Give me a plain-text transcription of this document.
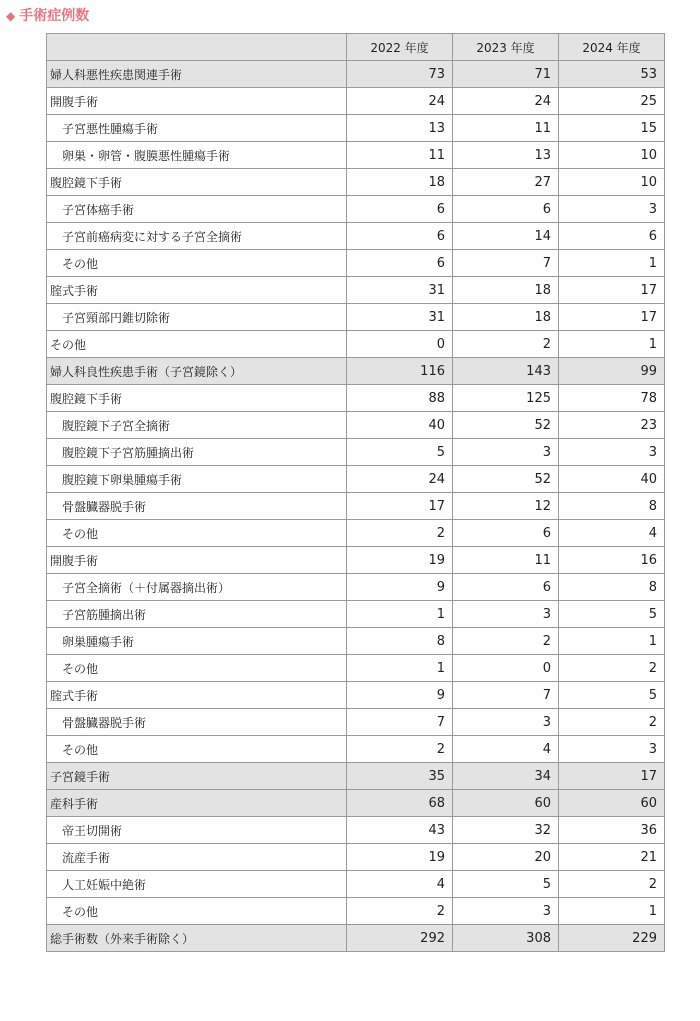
◆ 手術症例数
	2022 年度	2023 年度	2024 年度
婦人科悪性疾患関連手術	73	71	53
開腹手術	24	24	25
子宮悪性腫瘍手術	13	11	15
卵巣・卵管・腹膜悪性腫瘍手術	11	13	10
腹腔鏡下手術	18	27	10
子宮体癌手術	6	6	3
子宮前癌病変に対する子宮全摘術	6	14	6
その他	6	7	1
腟式手術	31	18	17
子宮頸部円錐切除術	31	18	17
その他	0	2	1
婦人科良性疾患手術（子宮鏡除く）	116	143	99
腹腔鏡下手術	88	125	78
腹腔鏡下子宮全摘術	40	52	23
腹腔鏡下子宮筋腫摘出術	5	3	3
腹腔鏡下卵巣腫瘍手術	24	52	40
骨盤臓器脱手術	17	12	8
その他	2	6	4
開腹手術	19	11	16
子宮全摘術（＋付属器摘出術）	9	6	8
子宮筋腫摘出術	1	3	5
卵巣腫瘍手術	8	2	1
その他	1	0	2
腟式手術	9	7	5
骨盤臓器脱手術	7	3	2
その他	2	4	3
子宮鏡手術	35	34	17
産科手術	68	60	60
帝王切開術	43	32	36
流産手術	19	20	21
人工妊娠中絶術	4	5	2
その他	2	3	1
総手術数（外来手術除く）	292	308	229
